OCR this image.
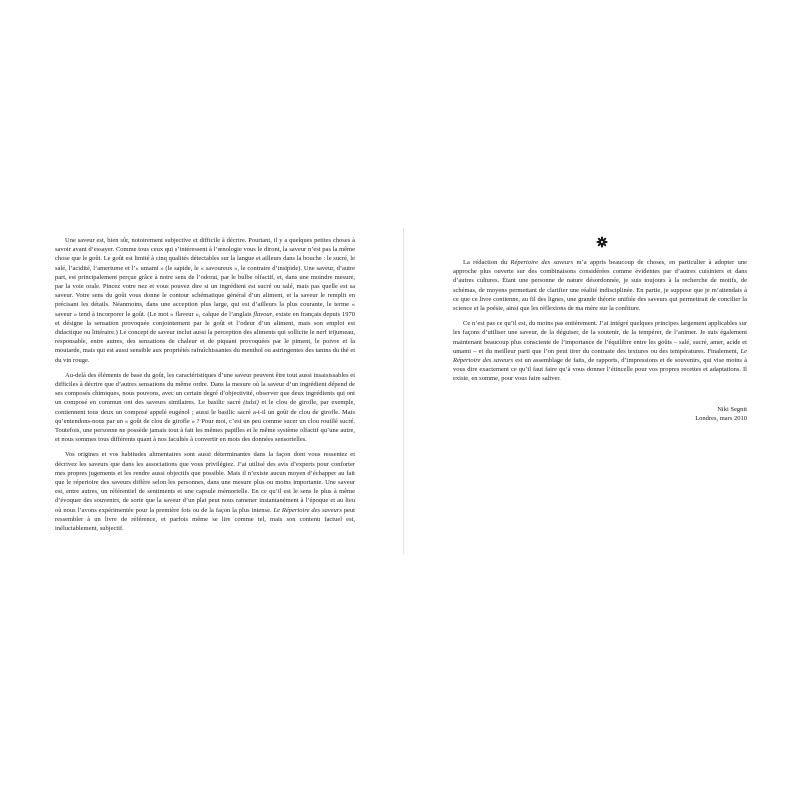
Une saveur est, bien sûr, notoirement subjective et difficile à décrire. Pourtant, il y a quelques petites choses à savoir avant d’essayer. Comme tous ceux qui s’intéressent à l’œnologie vous le diront, la saveur n’est pas la même chose que le goût. Le goût est limité à cinq qualités détectables sur la langue et ailleurs dans la bouche : le sucré, le salé, l’acidité, l’amertume et l’« umami » (le sapide, le « savoureux », le contraire d’insipide). Une saveur, d’autre part, est principalement perçue grâce à notre sens de l’odorat, par le bulbe olfactif, et, dans une moindre mesure, par la voie orale. Pincez votre nez et vous pouvez dire si un ingrédient est sucré ou salé, mais pas quelle est sa saveur. Votre sens du goût vous donne le contour schématique général d’un aliment, et la saveur le remplit en précisant les détails. Néanmoins, dans une acception plus large, qui est d’ailleurs la plus courante, le terme « saveur » tend à incorporer le goût. (Le mot « flaveur », calque de l’anglais flavour, existe en français depuis 1970 et désigne la sensation provoquée conjointement par le goût et l’odeur d’un aliment, mais son emploi est didactique ou littéraire.) Le concept de saveur inclut aussi la perception des aliments qui sollicite le nerf trijumeau, responsable, entre autres, des sensations de chaleur et de piquant provoquées par le piment, le poivre et la moutarde, mais qui est aussi sensible aux propriétés rafraîchissantes du menthol ou astringentes des tanins du thé et du vin rouge.

Au-delà des éléments de base du goût, les caractéristiques d’une saveur peuvent être tout aussi insaisissables et difficiles à décrire que d’autres sensations du même ordre. Dans la mesure où la saveur d’un ingrédient dépend de ses composés chimiques, nous pouvons, avec un certain degré d’objectivité, observer que deux ingrédients qui ont un composé en commun ont des saveurs similaires. Le basilic sacré (tulsi) et le clou de girofle, par exemple, contiennent tous deux un composé appelé eugénol ; aussi le basilic sacré a-t-il un goût de clou de girofle. Mais qu’entendons-nous par un « goût de clou de girofle » ? Pour moi, c’est un peu comme sucer un clou rouillé sucré. Toutefois, une personne ne possède jamais tout à fait les mêmes papilles et le même système olfactif qu’une autre, et nous sommes tous différents quant à nos facultés à convertir en mots des données sensorielles.

Vos origines et vos habitudes alimentaires sont aussi déterminantes dans la façon dont vous ressentez et décrivez les saveurs que dans les associations que vous privilégiez. J’ai utilisé des avis d’experts pour conforter mes propres jugements et les rendre aussi objectifs que possible. Mais il n’existe aucun moyen d’échapper au fait que le répertoire des saveurs diffère selon les personnes, dans une mesure plus ou moins importante. Une saveur est, entre autres, un référentiel de sentiments et une capsule mémorielle. En ce qu’il est le sens le plus à même d’évoquer des souvenirs, de sorte que la saveur d’un plat peut nous ramener instantanément à l’époque et au lieu où nous l’avons expérimentée pour la première fois ou de la façon la plus intense. Le Répertoire des saveurs peut ressembler à un livre de référence, et parfois même se lire comme tel, mais son contenu factuel est, inéluctablement, subjectif.

La rédaction du Répertoire des saveurs m’a appris beaucoup de choses, en particulier à adopter une approche plus ouverte sur des combinaisons considérées comme évidentes par d’autres cuisiniers et dans d’autres cultures. Étant une personne de nature désordonnée, je suis toujours à la recherche de motifs, de schémas, de moyens permettant de clarifier une réalité indisciplinée. En partie, je suppose que je m’attendais à ce que ce livre contienne, au fil des lignes, une grande théorie unifiée des saveurs qui permettrait de concilier la science et la poésie, ainsi que les réflexions de ma mère sur la confiture.

Ce n’est pas ce qu’il est, du moins pas entièrement. J’ai intégré quelques principes largement applicables sur les façons d’utiliser une saveur, de la déguiser, de la soutenir, de la tempérer, de l’animer. Je suis également maintenant beaucoup plus consciente de l’importance de l’équilibre entre les goûts – salé, sucré, amer, acide et umami – et du meilleur parti que l’on peut tirer du contraste des textures ou des températures. Finalement, Le Répertoire des saveurs est un assemblage de faits, de rapports, d’impressions et de souvenirs, qui vise moins à vous dire exactement ce qu’il faut faire qu’à vous donner l’étincelle pour vos propres recettes et adaptations. Il existe, en somme, pour vous faire saliver.

Niki Segnit
Londres, mars 2010
